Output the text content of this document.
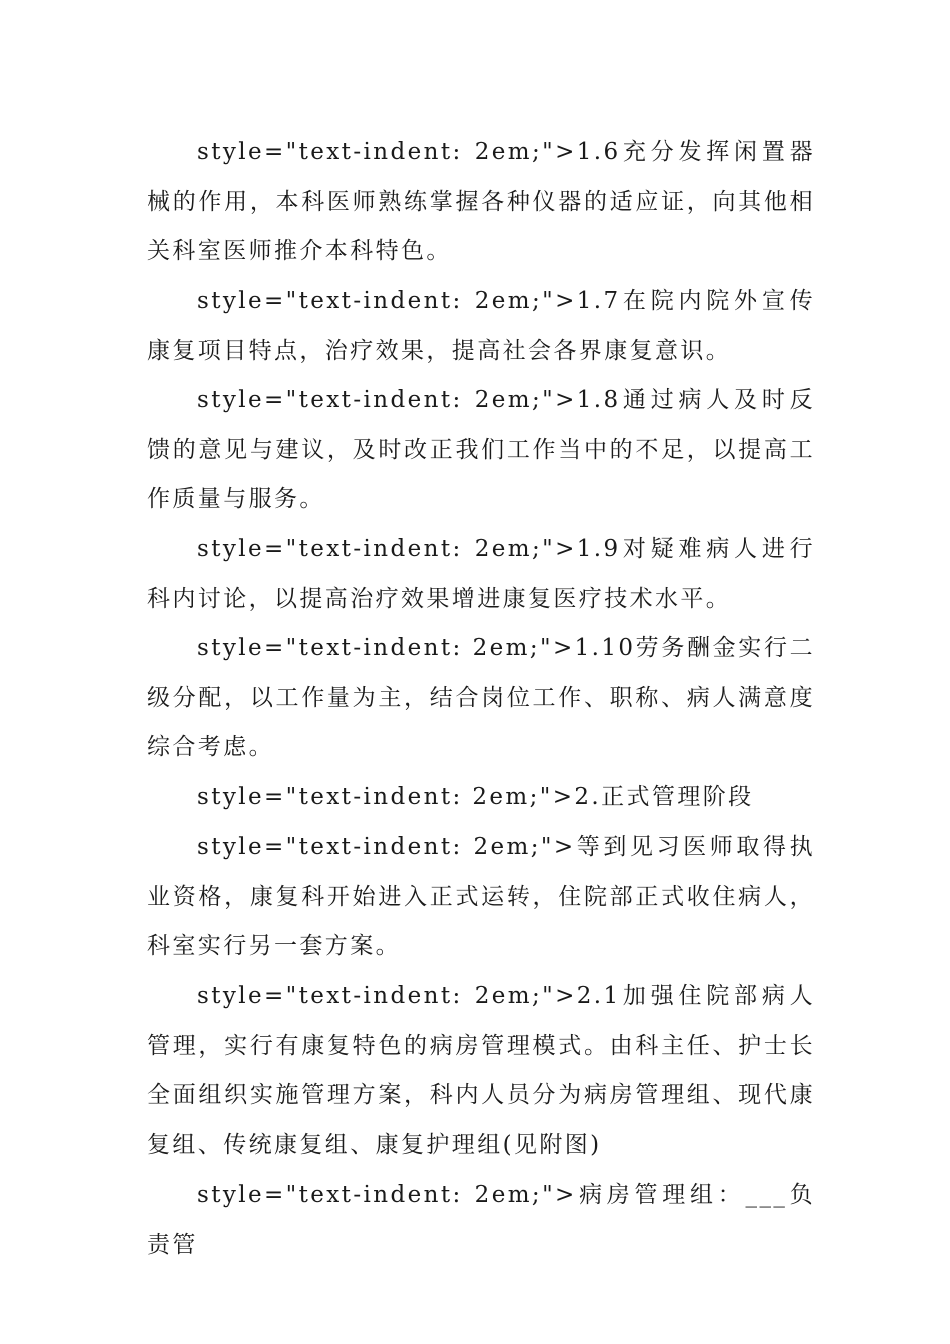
style="text-indent: 2em;">1.6充分发挥闲置器械的作用，本科医师熟练掌握各种仪器的适应证，向其他相关科室医师推介本科特色。

style="text-indent: 2em;">1.7在院内院外宣传康复项目特点，治疗效果，提高社会各界康复意识。

style="text-indent: 2em;">1.8通过病人及时反馈的意见与建议，及时改正我们工作当中的不足，以提高工作质量与服务。

style="text-indent: 2em;">1.9对疑难病人进行科内讨论，以提高治疗效果增进康复医疗技术水平。

style="text-indent: 2em;">1.10劳务酬金实行二级分配，以工作量为主，结合岗位工作、职称、病人满意度综合考虑。

style="text-indent: 2em;">2.正式管理阶段

style="text-indent: 2em;">等到见习医师取得执业资格，康复科开始进入正式运转，住院部正式收住病人，科室实行另一套方案。

style="text-indent: 2em;">2.1加强住院部病人管理，实行有康复特色的病房管理模式。由科主任、护士长全面组织实施管理方案，科内人员分为病房管理组、现代康复组、传统康复组、康复护理组(见附图)

style="text-indent: 2em;">病房管理组：___负责管
